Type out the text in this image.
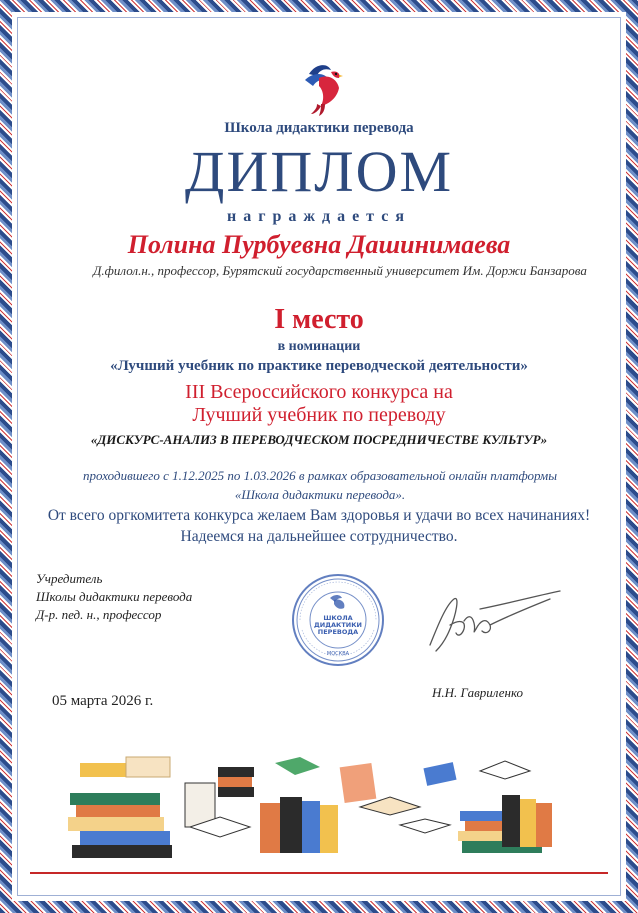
Школа дидактики перевода
ДИПЛОМ
награждается
Полина Пурбуевна Дашинимаева
Д.филол.н., профессор, Бурятский государственный университет Им. Доржи Банзарова
I место
в номинации
«Лучший учебник по практике переводческой деятельности»
III Всероссийского конкурса на
Лучший учебник по переводу
«ДИСКУРС-АНАЛИЗ В ПЕРЕВОДЧЕСКОМ ПОСРЕДНИЧЕСТВЕ КУЛЬТУР»
проходившего с 1.12.2025 по 1.03.2026 в рамках образовательной онлайн платформы «Школа дидактики перевода».
От всего оргкомитета конкурса желаем Вам здоровья и удачи во всех начинаниях! Надеемся на дальнейшее сотрудничество.
Учредитель
Школы дидактики перевода
Д-р. пед. н., профессор	ШКОЛА
ДИДАКТИКИ
ПЕРЕВОДА
МОСКВА
05 марта 2026 г.
Н.Н. Гавриленко
